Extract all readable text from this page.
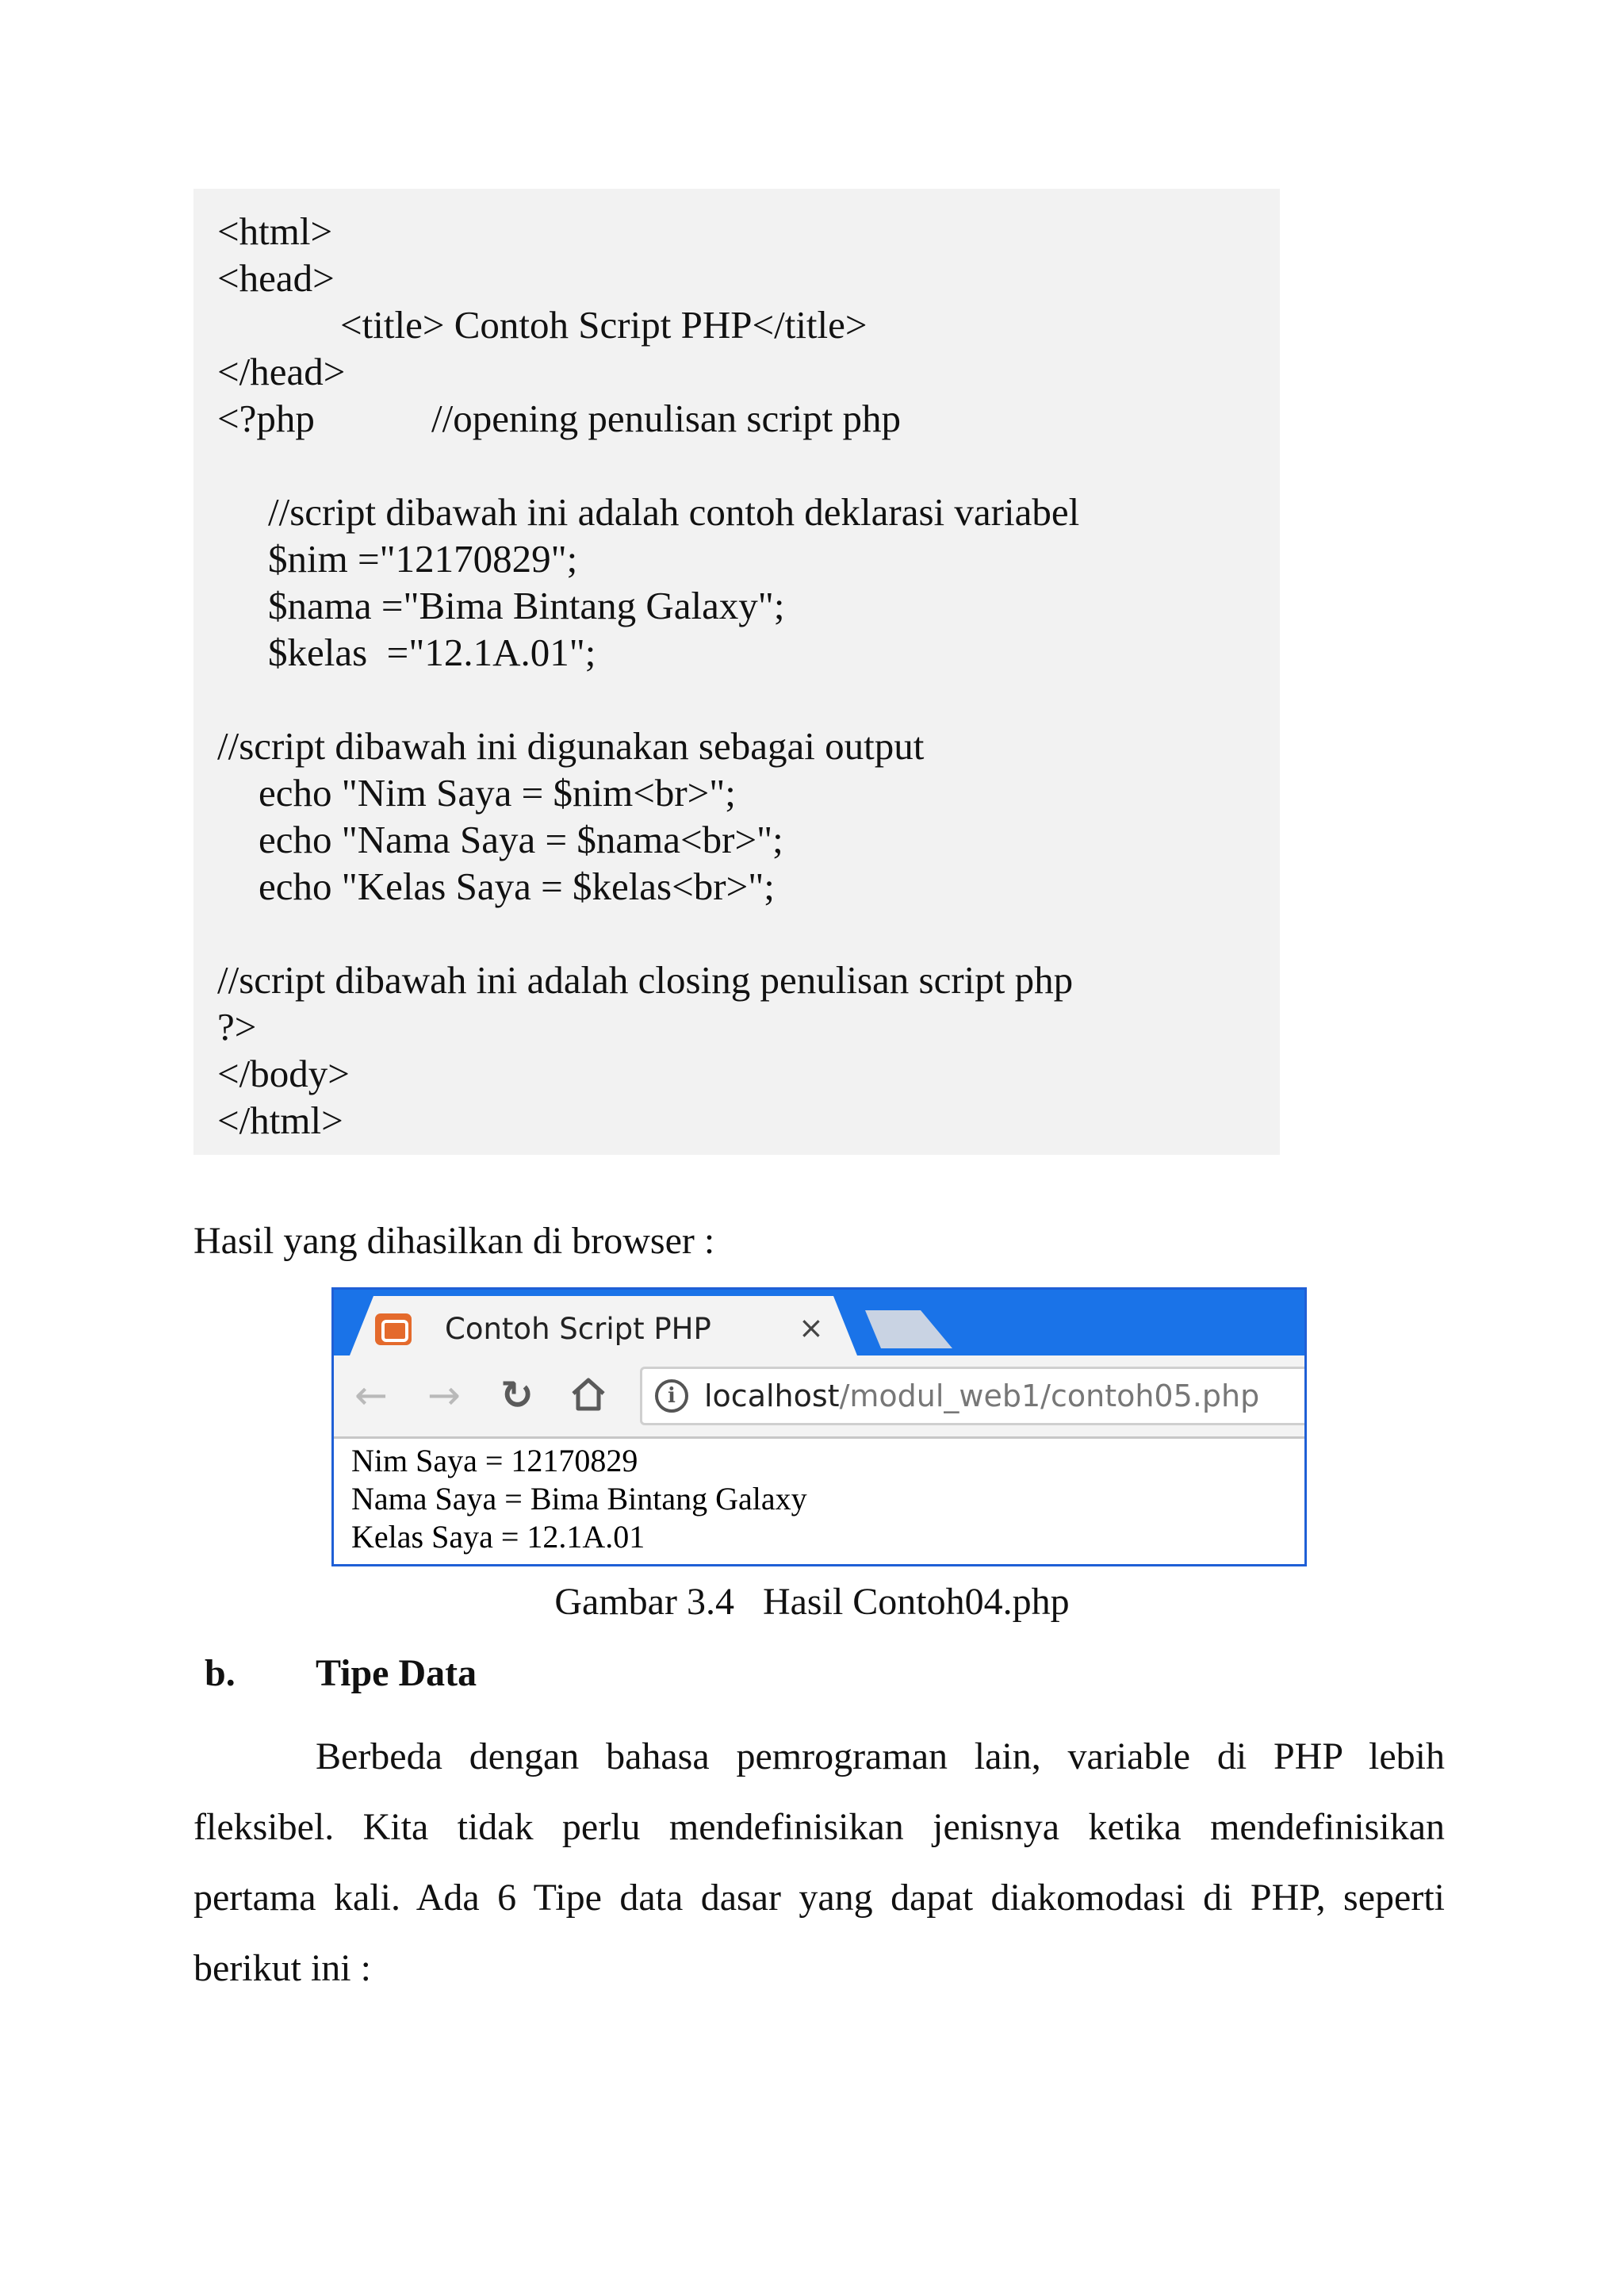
<html>
<head>
<title> Contoh Script PHP</title>
</head>
<?php	//opening penulisan script php
//script dibawah ini adalah contoh deklarasi variabel
$nim ="12170829";
$nama ="Bima Bintang Galaxy";
$kelas  ="12.1A.01";
//script dibawah ini digunakan sebagai output
echo "Nim Saya = $nim<br>";
echo "Nama Saya = $nama<br>";
echo "Kelas Saya = $kelas<br>";
//script dibawah ini adalah closing penulisan script php
?>
</body>
</html>
Hasil yang dihasilkan di browser :
Contoh Script PHP	×
← → ↻	i localhost/modul_web1/contoh05.php
Nim Saya = 12170829
Nama Saya = Bima Bintang Galaxy
Kelas Saya = 12.1A.01
Gambar 3.4   Hasil Contoh04.php
b. Tipe Data
Berbeda dengan bahasa pemrograman lain, variable di PHP lebih
fleksibel. Kita tidak perlu mendefinisikan jenisnya ketika mendefinisikan
pertama kali. Ada 6 Tipe data dasar yang dapat diakomodasi di PHP, seperti
berikut ini :
